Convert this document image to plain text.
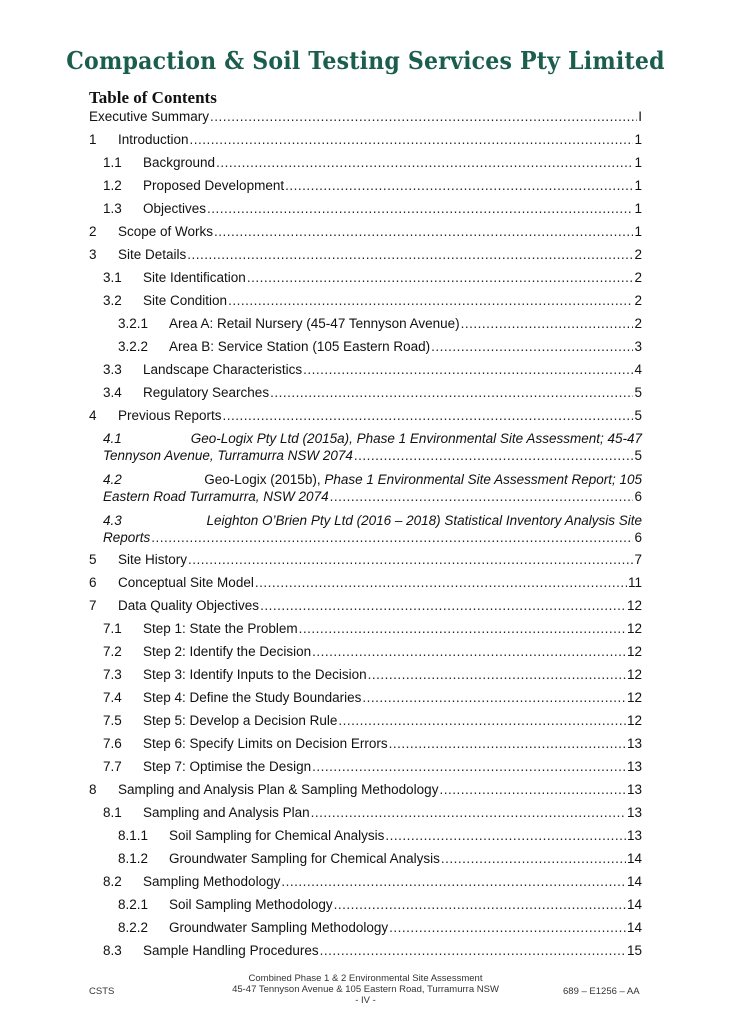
Compaction & Soil Testing Services Pty Limited
Table of Contents
Executive Summary .....	I
1	Introduction .....	1
1.1	Background .....	1
1.2	Proposed Development .....	1
1.3	Objectives .....	1
2	Scope of Works .....	1
3	Site Details .....	2
3.1	Site Identification .....	2
3.2	Site Condition .....	2
3.2.1	Area A: Retail Nursery (45-47 Tennyson Avenue) .....	2
3.2.2	Area B: Service Station (105 Eastern Road) .....	3
3.3	Landscape Characteristics .....	4
3.4	Regulatory Searches .....	5
4	Previous Reports .....	5
4.1	Geo-Logix Pty Ltd (2015a), Phase 1 Environmental Site Assessment; 45-47
Tennyson Avenue, Turramurra NSW 2074 .....	5
4.2	Geo-Logix (2015b), Phase 1 Environmental Site Assessment Report; 105
Eastern Road Turramurra, NSW 2074 .....	6
4.3	Leighton O’Brien Pty Ltd (2016 – 2018) Statistical Inventory Analysis Site
Reports .....	6
5	Site History .....	7
6	Conceptual Site Model .....	11
7	Data Quality Objectives .....	12
7.1	Step 1: State the Problem .....	12
7.2	Step 2: Identify the Decision .....	12
7.3	Step 3: Identify Inputs to the Decision .....	12
7.4	Step 4: Define the Study Boundaries .....	12
7.5	Step 5: Develop a Decision Rule .....	12
7.6	Step 6: Specify Limits on Decision Errors .....	13
7.7	Step 7: Optimise the Design .....	13
8	Sampling and Analysis Plan & Sampling Methodology .....	13
8.1	Sampling and Analysis Plan .....	13
8.1.1	Soil Sampling for Chemical Analysis .....	13
8.1.2	Groundwater Sampling for Chemical Analysis .....	14
8.2	Sampling Methodology .....	14
8.2.1	Soil Sampling Methodology .....	14
8.2.2	Groundwater Sampling Methodology .....	14
8.3	Sample Handling Procedures .....	15
CSTS
Combined Phase 1 & 2 Environmental Site Assessment
45-47 Tennyson Avenue & 105 Eastern Road, Turramurra NSW
- IV -
689 – E1256 – AA
